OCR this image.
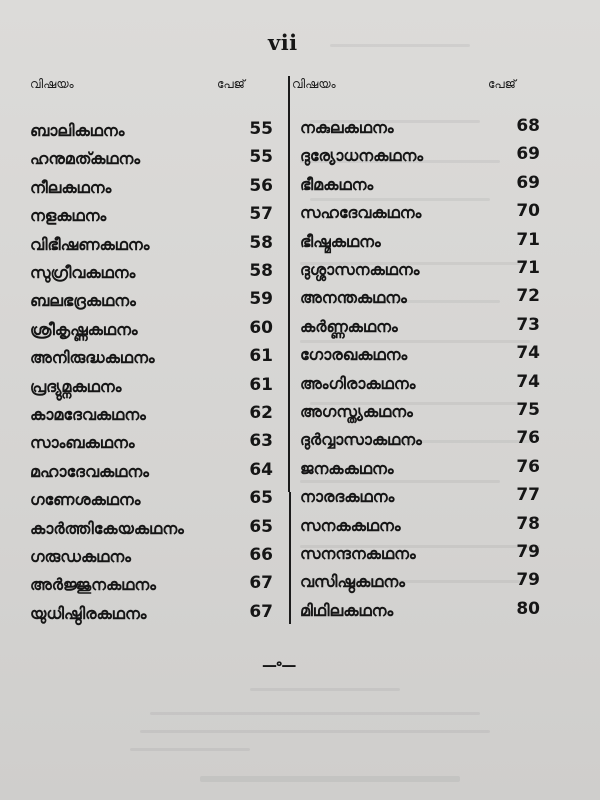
vii
വിഷയം	പേജ്	വിഷയം	പേജ്
ബാലികഥനം	55
ഹനുമത്കഥനം	55
നീലകഥനം	56
നളകഥനം	57
വിഭീഷണകഥനം	58
സുഗ്രീവകഥനം	58
ബലഭദ്രകഥനം	59
ശ്രീകൃഷ്ണകഥനം	60
അനിരുദ്ധകഥനം	61
പ്രദ്യുമ്നകഥനം	61
കാമദേവകഥനം	62
സാംബകഥനം	63
മഹാദേവകഥനം	64
ഗണേശകഥനം	65
കാർത്തികേയകഥനം	65
ഗരുഡകഥനം	66
അർജ്ജുനകഥനം	67
യുധിഷ്ഠിരകഥനം	67
നകുലകഥനം	68
ദുര്യോധനകഥനം	69
ഭീമകഥനം	69
സഹദേവകഥനം	70
ഭീഷ്മകഥനം	71
ദുശ്ശാസനകഥനം	71
അനന്തകഥനം	72
കർണ്ണകഥനം	73
ഗോരഖകഥനം	74
അംഗിരാകഥനം	74
അഗസ്ത്യകഥനം	75
ദുർവ്വാസാകഥനം	76
ജനകകഥനം	76
നാരദകഥനം	77
സനകകഥനം	78
സനന്ദനകഥനം	79
വസിഷ്ഠകഥനം	79
മിഥിലകഥനം	80
—॰—
